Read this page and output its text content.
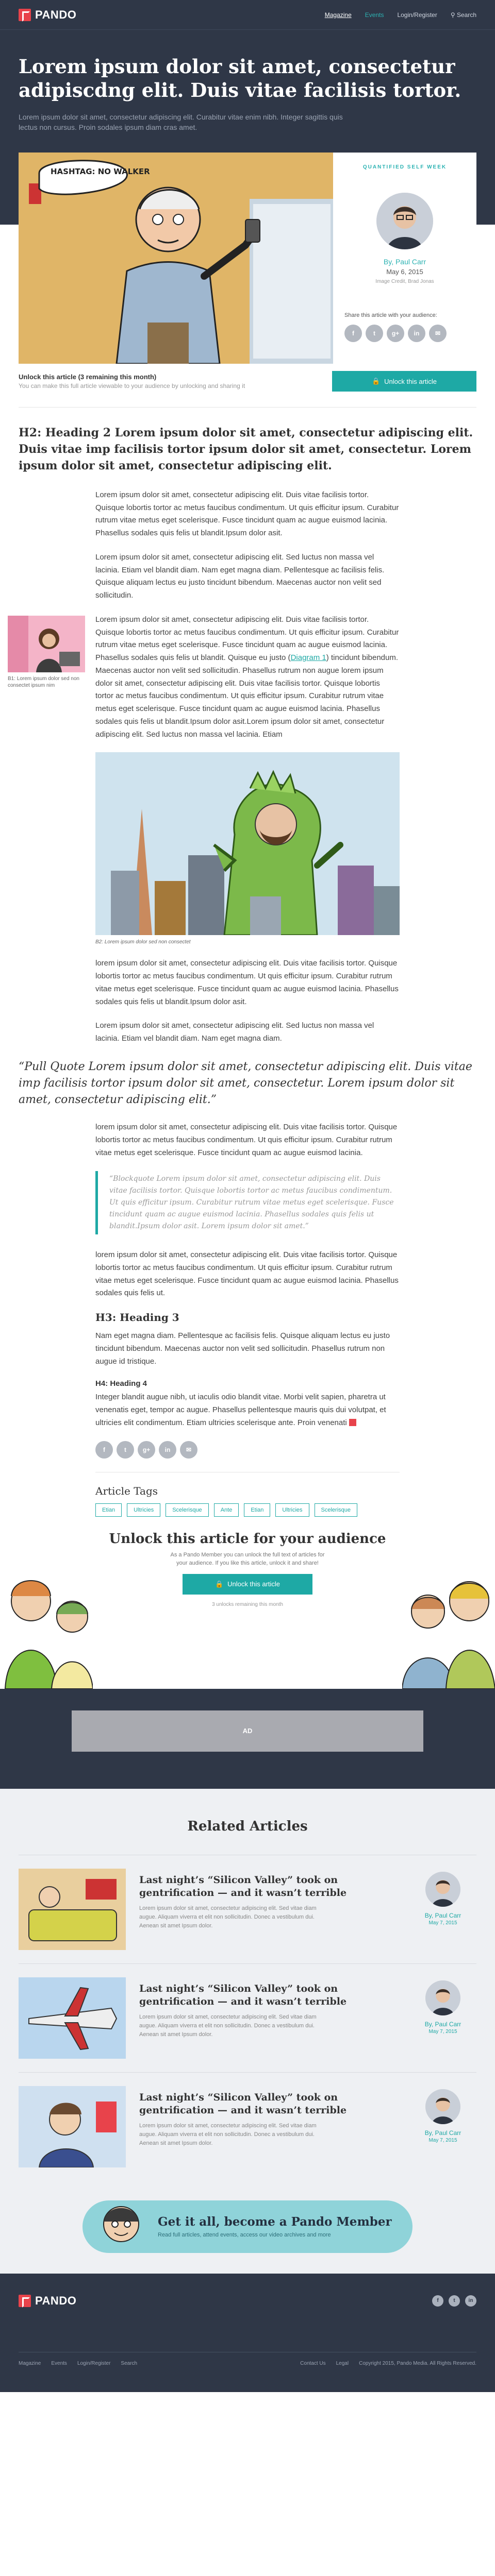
PANDO	Magazine Events Login/Register ⚲ Search
Lorem ipsum dolor sit amet, consectetur adipiscdng elit. Duis vitae facilisis tortor.

Lorem ipsum dolor sit amet, consectetur adipiscing elit. Curabitur vitae enim nibh. Integer sagittis quis lectus non cursus. Proin sodales ipsum diam cras amet.

HASHTAG: NO WALKER	QUANTIFIED SELF WEEK
By, Paul Carr
May 6, 2015
Image Credit, Brad Jonas
Share this article with your audience:
f	t	g+	in	✉
Unlock this article (3 remaining this month)
You can make this full article viewable to your audience by unlocking and sharing it
🔒 Unlock this article
H2: Heading 2 Lorem ipsum dolor sit amet, consectetur adipiscing elit. Duis vitae imp facilisis tortor ipsum dolor sit amet, consectetur. Lorem ipsum dolor sit amet, consectetur adipiscing elit.

Lorem ipsum dolor sit amet, consectetur adipiscing elit. Duis vitae facilisis tortor. Quisque lobortis tortor ac metus faucibus condimentum. Ut quis efficitur ipsum. Curabitur rutrum vitae metus eget scelerisque. Fusce tincidunt quam ac augue euismod lacinia. Phasellus sodales quis felis ut blandit.Ipsum dolor asit.

Lorem ipsum dolor sit amet, consectetur adipiscing elit. Sed luctus non massa vel lacinia. Etiam vel blandit diam. Nam eget magna diam. Pellentesque ac facilisis felis. Quisque aliquam lectus eu justo tincidunt bibendum. Maecenas auctor non velit sed sollicitudin.

B1: Lorem ipsum dolor sed non consectet ipsum nim

Lorem ipsum dolor sit amet, consectetur adipiscing elit. Duis vitae facilisis tortor. Quisque lobortis tortor ac metus faucibus condimentum. Ut quis efficitur ipsum. Curabitur rutrum vitae metus eget scelerisque. Fusce tincidunt quam ac augue euismod lacinia. Phasellus sodales quis felis ut blandit. Quisque eu justo (Diagram 1) tincidunt bibendum. Maecenas auctor non velit sed sollicitudin. Phasellus rutrum non augue lorem ipsum dolor sit amet, consectetur adipiscing elit. Duis vitae facilisis tortor. Quisque lobortis tortor ac metus faucibus condimentum. Ut quis efficitur ipsum. Curabitur rutrum vitae metus eget scelerisque. Fusce tincidunt quam ac augue euismod lacinia. Phasellus sodales quis felis ut blandit.Ipsum dolor asit.Lorem ipsum dolor sit amet, consectetur adipiscing elit. Sed luctus non massa vel lacinia. Etiam

B2: Lorem ipsum dolor sed non consectet

lorem ipsum dolor sit amet, consectetur adipiscing elit. Duis vitae facilisis tortor. Quisque lobortis tortor ac metus faucibus condimentum. Ut quis efficitur ipsum. Curabitur rutrum vitae metus eget scelerisque. Fusce tincidunt quam ac augue euismod lacinia. Phasellus sodales quis felis ut blandit.Ipsum dolor asit.

Lorem ipsum dolor sit amet, consectetur adipiscing elit. Sed luctus non massa vel lacinia. Etiam vel blandit diam. Nam eget magna diam.

“Pull Quote Lorem ipsum dolor sit amet, consectetur adipiscing elit. Duis vitae imp facilisis tortor ipsum dolor sit amet, consectetur. Lorem ipsum dolor sit amet, consectetur adipiscing elit.”

lorem ipsum dolor sit amet, consectetur adipiscing elit. Duis vitae facilisis tortor. Quisque lobortis tortor ac metus faucibus condimentum. Ut quis efficitur ipsum. Curabitur rutrum vitae metus eget scelerisque. Fusce tincidunt quam ac augue euismod lacinia.

“Blockquote Lorem ipsum dolor sit amet, consectetur adipiscing elit. Duis vitae facilisis tortor. Quisque lobortis tortor ac metus faucibus condimentum. Ut quis efficitur ipsum. Curabitur rutrum vitae metus eget scelerisque. Fusce tincidunt quam ac augue euismod lacinia. Phasellus sodales quis felis ut blandit.Ipsum dolor asit. Lorem ipsum dolor sit amet.”

lorem ipsum dolor sit amet, consectetur adipiscing elit. Duis vitae facilisis tortor. Quisque lobortis tortor ac metus faucibus condimentum. Ut quis efficitur ipsum. Curabitur rutrum vitae metus eget scelerisque. Fusce tincidunt quam ac augue euismod lacinia. Phasellus sodales quis felis ut.

H3: Heading 3

Nam eget magna diam. Pellentesque ac facilisis felis. Quisque aliquam lectus eu justo tincidunt bibendum. Maecenas auctor non velit sed sollicitudin. Phasellus rutrum non augue id tristique.

H4: Heading 4

Integer blandit augue nibh, ut iaculis odio blandit vitae. Morbi velit sapien, pharetra ut venenatis eget, tempor ac augue. Phasellus pellentesque mauris quis dui volutpat, et ultricies elit condimentum. Etiam ultricies scelerisque ante. Proin venenati

f	t	g+	in	✉
Article Tags
Etian	Ultricies	Scelerisque	Ante	Etian	Ultricies	Scelerisque
Unlock this article for your audience

As a Pando Member you can unlock the full text of articles for your audience. If you like this article, unlock it and share!

🔒 Unlock this article
3 unlocks remaining this month
AD
Related Articles
Last night’s “Silicon Valley” took on gentrification — and it wasn’t terrible
Lorem ipsum dolor sit amet, consectetur adipiscing elit. Sed vitae diam augue. Aliquam viverra et elit non sollicitudin. Donec a vestibulum dui. Aenean sit amet Ipsum dolor.
By, Paul Carr
May 7, 2015
Last night’s “Silicon Valley” took on gentrification — and it wasn’t terrible
Lorem ipsum dolor sit amet, consectetur adipiscing elit. Sed vitae diam augue. Aliquam viverra et elit non sollicitudin. Donec a vestibulum dui. Aenean sit amet Ipsum dolor.
By, Paul Carr
May 7, 2015
Last night’s “Silicon Valley” took on gentrification — and it wasn’t terrible
Lorem ipsum dolor sit amet, consectetur adipiscing elit. Sed vitae diam augue. Aliquam viverra et elit non sollicitudin. Donec a vestibulum dui. Aenean sit amet Ipsum dolor.
By, Paul Carr
May 7, 2015
Get it all, become a Pando Member
Read full articles, attend events, access our video archives and more
PANDO	f	t	in
Magazine Events Login/Register Search	Contact Us Legal Copyright 2015, Pando Media. All Rights Reserved.
